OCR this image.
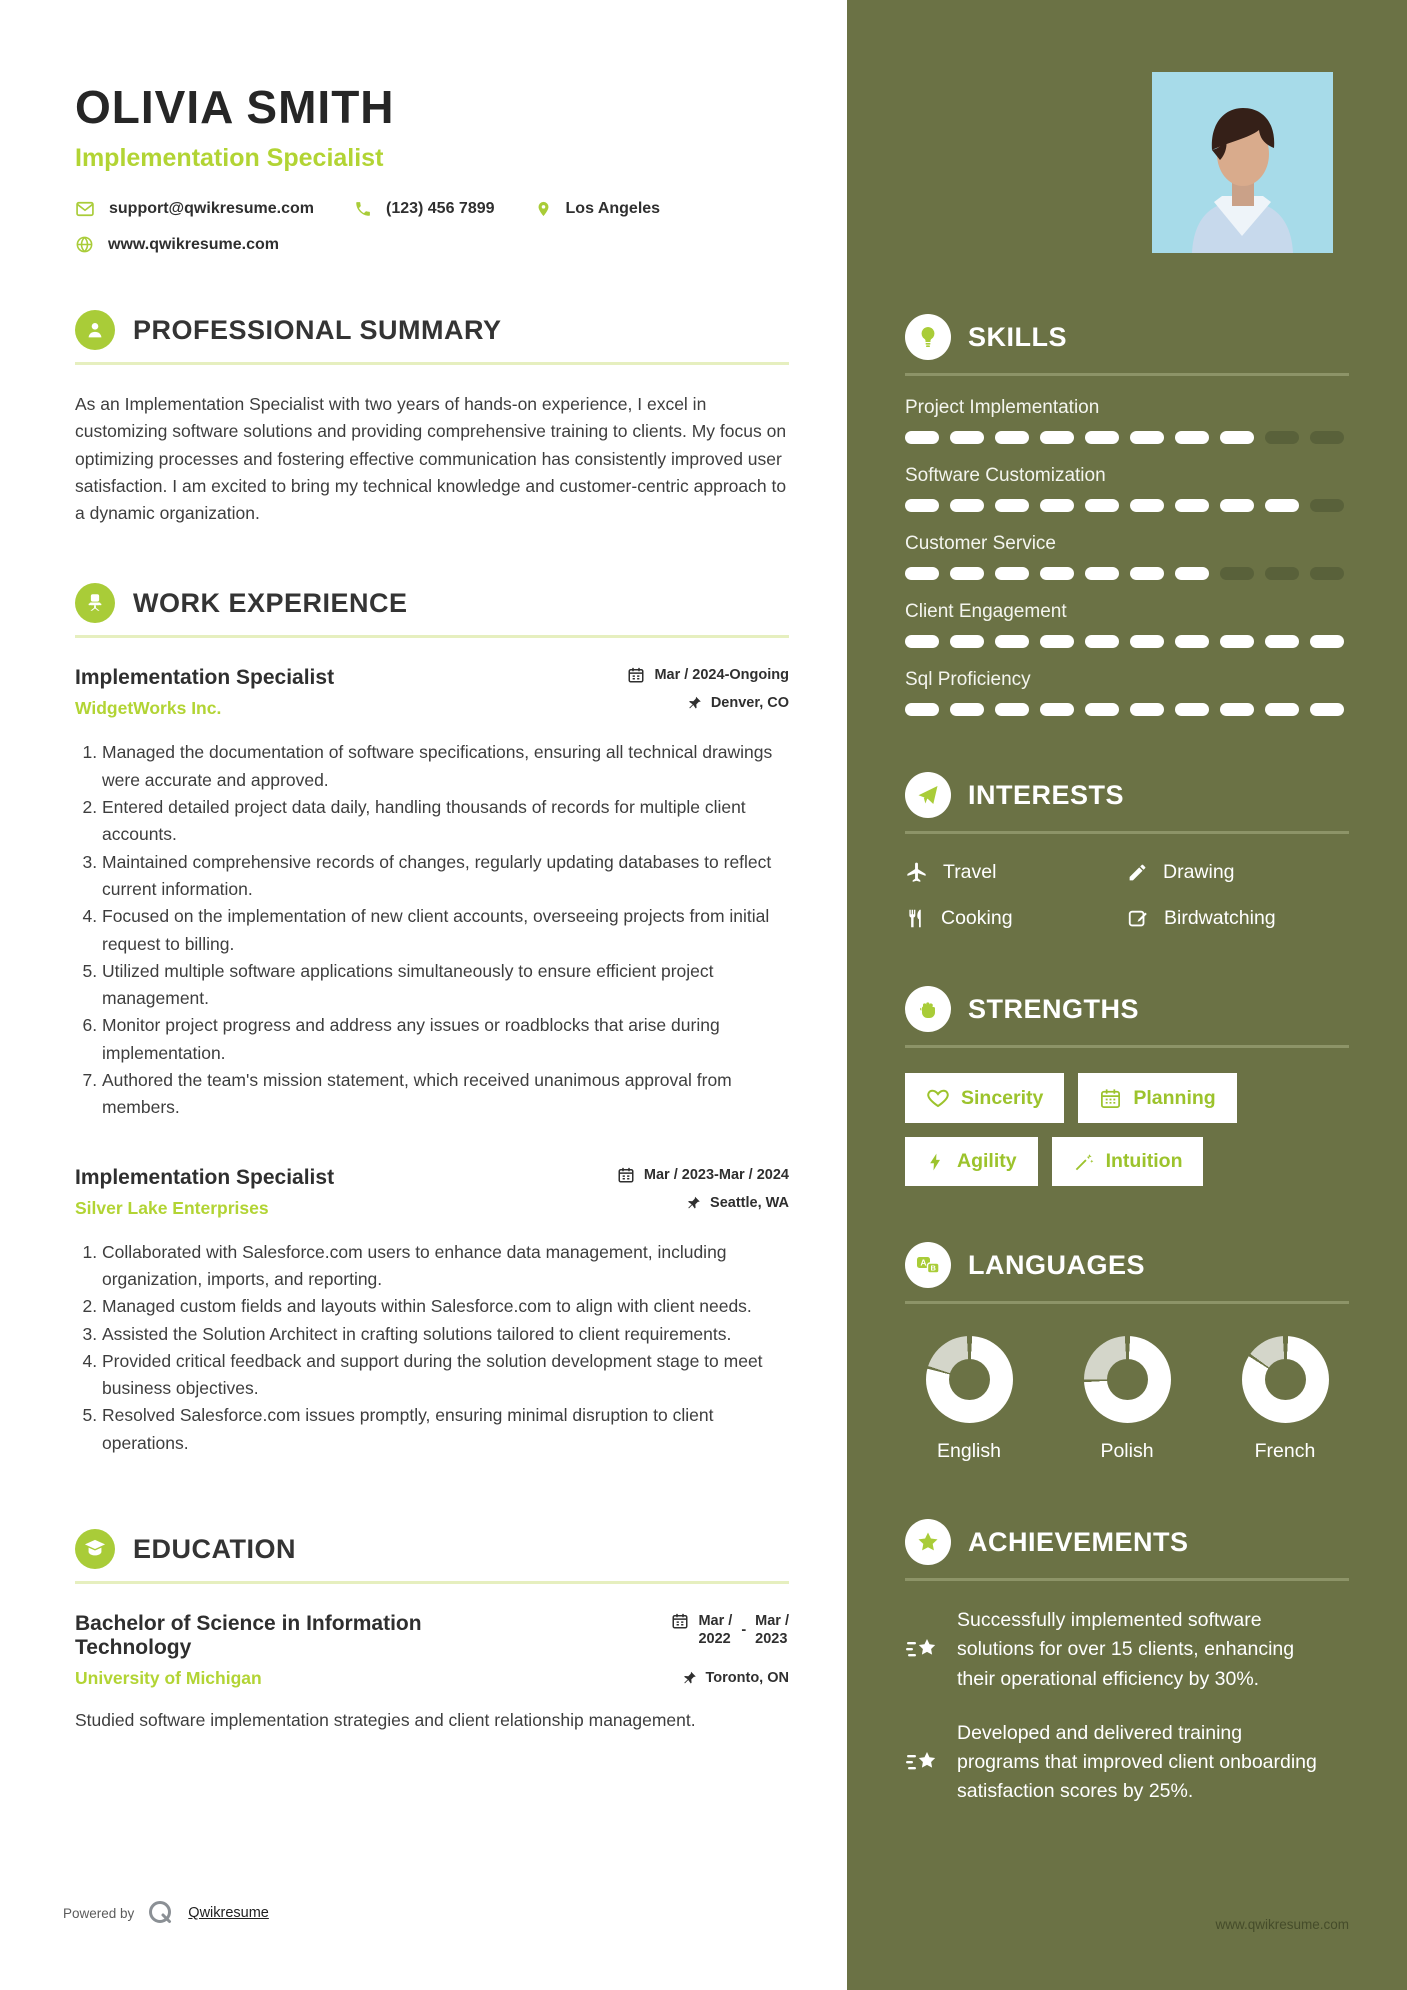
SKILLS
Project Implementation
Software Customization
Customer Service
Client Engagement
Sql Proficiency
INTERESTS
Travel	Drawing
Cooking	Birdwatching
STRENGTHS
Sincerity	Planning
Agility	Intuition
A
B LANGUAGES
English	Polish	French
ACHIEVEMENTS
Successfully implemented software solutions for over 15 clients, enhancing their operational efficiency by 30%.
Developed and delivered training programs that improved client onboarding satisfaction scores by 25%.
www.qwikresume.com
OLIVIA SMITH
Implementation Specialist
support@qwikresume.com	(123) 456 7899	Los Angeles
www.qwikresume.com
PROFESSIONAL SUMMARY

As an Implementation Specialist with two years of hands-on experience, I excel in customizing software solutions and providing comprehensive training to clients. My focus on optimizing processes and fostering effective communication has consistently improved user satisfaction. I am excited to bring my technical knowledge and customer-centric approach to a dynamic organization.

WORK EXPERIENCE
Implementation Specialist
WidgetWorks Inc.
Mar / 2024-Ongoing
Denver, CO
1. Managed the documentation of software specifications, ensuring all technical drawings were accurate and approved.
2. Entered detailed project data daily, handling thousands of records for multiple client accounts.
3. Maintained comprehensive records of changes, regularly updating databases to reflect current information.
4. Focused on the implementation of new client accounts, overseeing projects from initial request to billing.
5. Utilized multiple software applications simultaneously to ensure efficient project management.
6. Monitor project progress and address any issues or roadblocks that arise during implementation.
7. Authored the team's mission statement, which received unanimous approval from members.
Implementation Specialist
Silver Lake Enterprises
Mar / 2023-Mar / 2024
Seattle, WA
1. Collaborated with Salesforce.com users to enhance data management, including organization, imports, and reporting.
2. Managed custom fields and layouts within Salesforce.com to align with client needs.
3. Assisted the Solution Architect in crafting solutions tailored to client requirements.
4. Provided critical feedback and support during the solution development stage to meet business objectives.
5. Resolved Salesforce.com issues promptly, ensuring minimal disruption to client operations.
EDUCATION
Bachelor of Science in Information Technology
University of Michigan
Mar /
2022
-
Mar /
2023
Toronto, ON

Studied software implementation strategies and client relationship management.

Powered by	Qwikresume
